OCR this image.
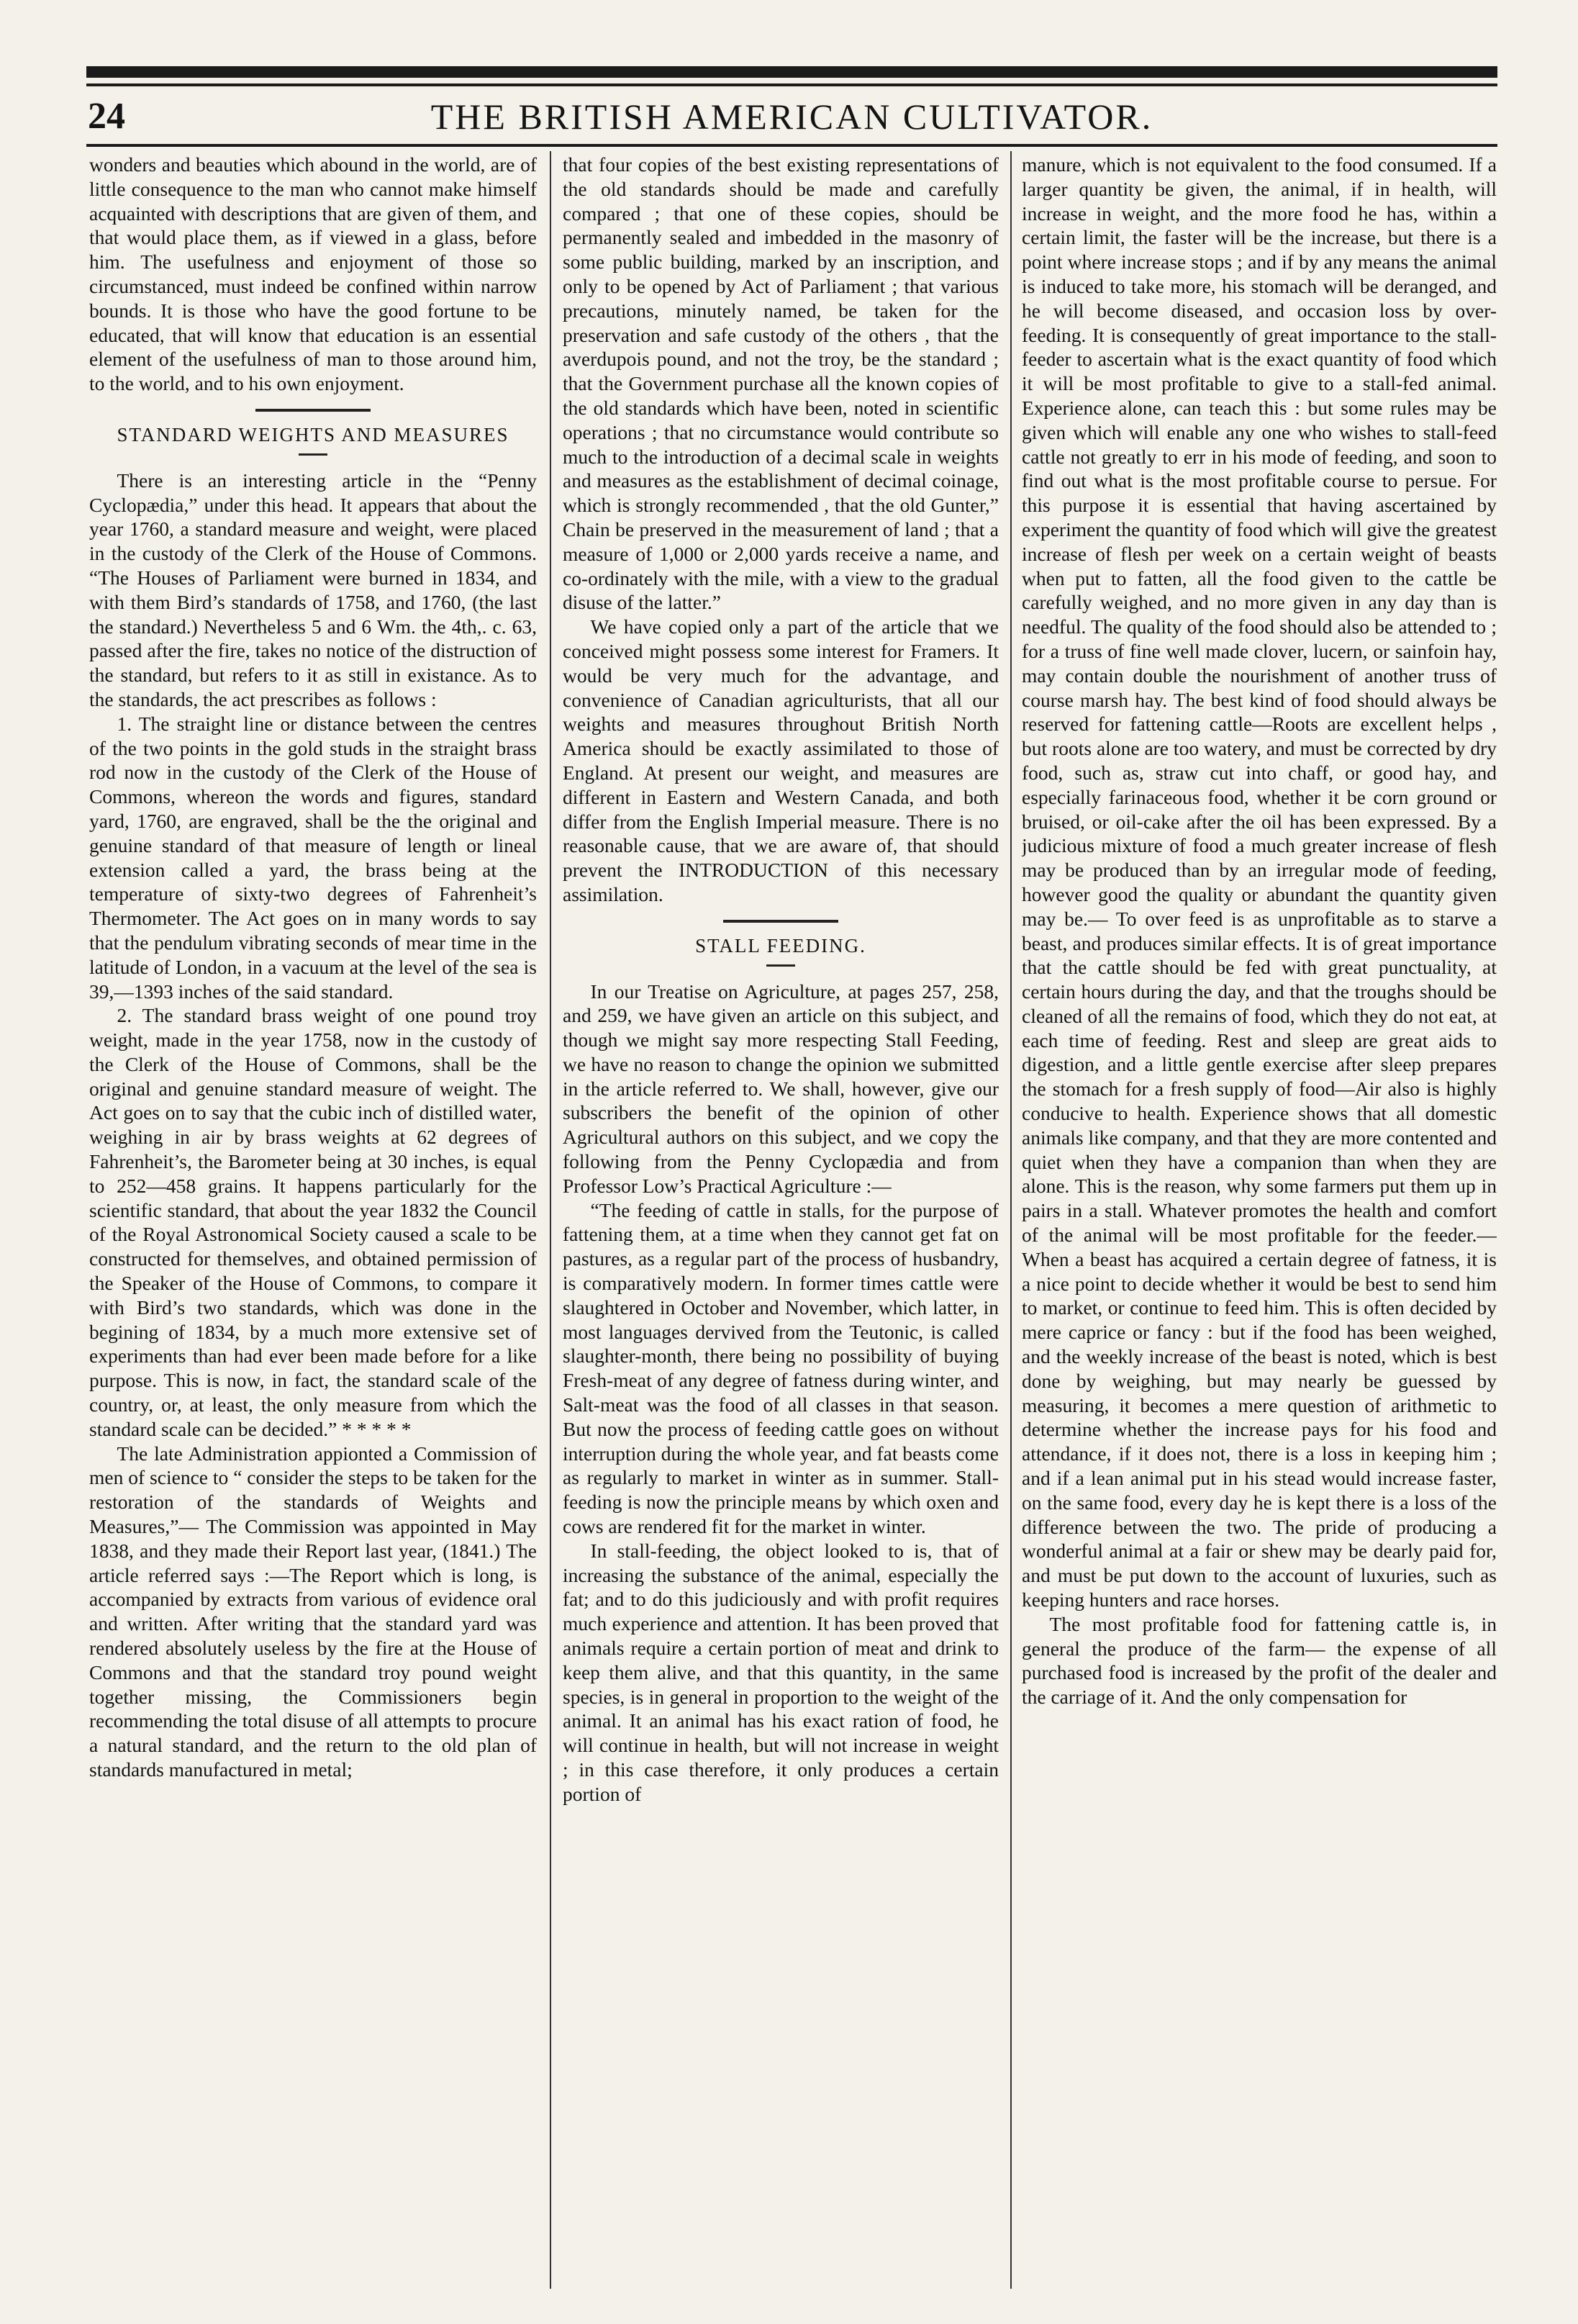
24	THE BRITISH AMERICAN CULTIVATOR.

wonders and beauties which abound in the world, are of little consequence to the man who cannot make himself acquainted with descriptions that are given of them, and that would place them, as if viewed in a glass, before him. The usefulness and enjoyment of those so circumstanced, must indeed be confined within narrow bounds. It is those who have the good fortune to be educated, that will know that education is an essential element of the usefulness of man to those around him, to the world, and to his own enjoyment.

STANDARD WEIGHTS AND MEASURES

There is an interesting article in the “Penny Cyclopædia,” under this head. It appears that about the year 1760, a standard measure and weight, were placed in the custody of the Clerk of the House of Commons. “The Houses of Parliament were burned in 1834, and with them Bird’s standards of 1758, and 1760, (the last the standard.) Nevertheless 5 and 6 Wm. the 4th,. c. 63, passed after the fire, takes no notice of the distruction of the standard, but refers to it as still in existance. As to the standards, the act prescribes as follows :

1. The straight line or distance between the centres of the two points in the gold studs in the straight brass rod now in the custody of the Clerk of the House of Commons, whereon the words and figures, standard yard, 1760, are engraved, shall be the the original and genuine standard of that measure of length or lineal extension called a yard, the brass being at the temperature of sixty-two degrees of Fahrenheit’s Thermometer. The Act goes on in many words to say that the pendulum vibrating seconds of mear time in the latitude of London, in a vacuum at the level of the sea is 39,—1393 inches of the said standard.

2. The standard brass weight of one pound troy weight, made in the year 1758, now in the custody of the Clerk of the House of Commons, shall be the original and genuine standard measure of weight. The Act goes on to say that the cubic inch of distilled water, weighing in air by brass weights at 62 degrees of Fahrenheit’s, the Barometer being at 30 inches, is equal to 252—458 grains. It happens particularly for the scientific standard, that about the year 1832 the Council of the Royal Astronomical Society caused a scale to be constructed for themselves, and obtained permission of the Speaker of the House of Commons, to compare it with Bird’s two standards, which was done in the begining of 1834, by a much more extensive set of experiments than had ever been made before for a like purpose. This is now, in fact, the standard scale of the country, or, at least, the only measure from which the standard scale can be decided.” * * * * *

The late Administration appionted a Commission of men of science to “ consider the steps to be taken for the restoration of the standards of Weights and Measures,”— The Commission was appointed in May 1838, and they made their Report last year, (1841.) The article referred says :—The Report which is long, is accompanied by extracts from various of evidence oral and written. After writing that the standard yard was rendered absolutely useless by the fire at the House of Commons and that the standard troy pound weight together missing, the Commissioners begin recommending the total disuse of all attempts to procure a natural standard, and the return to the old plan of standards manufactured in metal;

that four copies of the best existing representations of the old standards should be made and carefully compared ; that one of these copies, should be permanently sealed and imbedded in the masonry of some public building, marked by an inscription, and only to be opened by Act of Parliament ; that various precautions, minutely named, be taken for the preservation and safe custody of the others , that the averdupois pound, and not the troy, be the standard ; that the Government purchase all the known copies of the old standards which have been, noted in scientific operations ; that no circumstance would contribute so much to the introduction of a decimal scale in weights and measures as the establishment of decimal coinage, which is strongly recommended , that the old Gunter,” Chain be preserved in the measurement of land ; that a measure of 1,000 or 2,000 yards receive a name, and co-ordinately with the mile, with a view to the gradual disuse of the latter.”

We have copied only a part of the article that we conceived might possess some interest for Framers. It would be very much for the advantage, and convenience of Canadian agriculturists, that all our weights and measures throughout British North America should be exactly assimilated to those of England. At present our weight, and measures are different in Eastern and Western Canada, and both differ from the English Imperial measure. There is no reasonable cause, that we are aware of, that should prevent the INTRODUCTION of this necessary assimilation.

STALL FEEDING.

In our Treatise on Agriculture, at pages 257, 258, and 259, we have given an article on this subject, and though we might say more respecting Stall Feeding, we have no reason to change the opinion we submitted in the article referred to. We shall, however, give our subscribers the benefit of the opinion of other Agricultural authors on this subject, and we copy the following from the Penny Cyclopædia and from Professor Low’s Practical Agriculture :—

“The feeding of cattle in stalls, for the purpose of fattening them, at a time when they cannot get fat on pastures, as a regular part of the process of husbandry, is comparatively modern. In former times cattle were slaughtered in October and November, which latter, in most languages dervived from the Teutonic, is called slaughter-month, there being no possibility of buying Fresh-meat of any degree of fatness during winter, and Salt-meat was the food of all classes in that season. But now the process of feeding cattle goes on without interruption during the whole year, and fat beasts come as regularly to market in winter as in summer. Stall-feeding is now the principle means by which oxen and cows are rendered fit for the market in winter.

In stall-feeding, the object looked to is, that of increasing the substance of the animal, especially the fat; and to do this judiciously and with profit requires much experience and attention. It has been proved that animals require a certain portion of meat and drink to keep them alive, and that this quantity, in the same species, is in general in proportion to the weight of the animal. It an animal has his exact ration of food, he will continue in health, but will not increase in weight ; in this case therefore, it only produces a certain portion of

manure, which is not equivalent to the food consumed. If a larger quantity be given, the animal, if in health, will increase in weight, and the more food he has, within a certain limit, the faster will be the increase, but there is a point where increase stops ; and if by any means the animal is induced to take more, his stomach will be deranged, and he will become diseased, and occasion loss by over-feeding. It is consequently of great importance to the stall-feeder to ascertain what is the exact quantity of food which it will be most profitable to give to a stall-fed animal. Experience alone, can teach this : but some rules may be given which will enable any one who wishes to stall-feed cattle not greatly to err in his mode of feeding, and soon to find out what is the most profitable course to persue. For this purpose it is essential that having ascertained by experiment the quantity of food which will give the greatest increase of flesh per week on a certain weight of beasts when put to fatten, all the food given to the cattle be carefully weighed, and no more given in any day than is needful. The quality of the food should also be attended to ; for a truss of fine well made clover, lucern, or sainfoin hay, may contain double the nourishment of another truss of course marsh hay. The best kind of food should always be reserved for fattening cattle—Roots are excellent helps , but roots alone are too watery, and must be corrected by dry food, such as, straw cut into chaff, or good hay, and especially farinaceous food, whether it be corn ground or bruised, or oil-cake after the oil has been expressed. By a judicious mixture of food a much greater increase of flesh may be produced than by an irregular mode of feeding, however good the quality or abundant the quantity given may be.— To over feed is as unprofitable as to starve a beast, and produces similar effects. It is of great importance that the cattle should be fed with great punctuality, at certain hours during the day, and that the troughs should be cleaned of all the remains of food, which they do not eat, at each time of feeding. Rest and sleep are great aids to digestion, and a little gentle exercise after sleep prepares the stomach for a fresh supply of food—Air also is highly conducive to health. Experience shows that all domestic animals like company, and that they are more contented and quiet when they have a companion than when they are alone. This is the reason, why some farmers put them up in pairs in a stall. Whatever promotes the health and comfort of the animal will be most profitable for the feeder.— When a beast has acquired a certain degree of fatness, it is a nice point to decide whether it would be best to send him to market, or continue to feed him. This is often decided by mere caprice or fancy : but if the food has been weighed, and the weekly increase of the beast is noted, which is best done by weighing, but may nearly be guessed by measuring, it becomes a mere question of arithmetic to determine whether the increase pays for his food and attendance, if it does not, there is a loss in keeping him ; and if a lean animal put in his stead would increase faster, on the same food, every day he is kept there is a loss of the difference between the two. The pride of producing a wonderful animal at a fair or shew may be dearly paid for, and must be put down to the account of luxuries, such as keeping hunters and race horses.

The most profitable food for fattening cattle is, in general the produce of the farm— the expense of all purchased food is increased by the profit of the dealer and the carriage of it. And the only compensation for
